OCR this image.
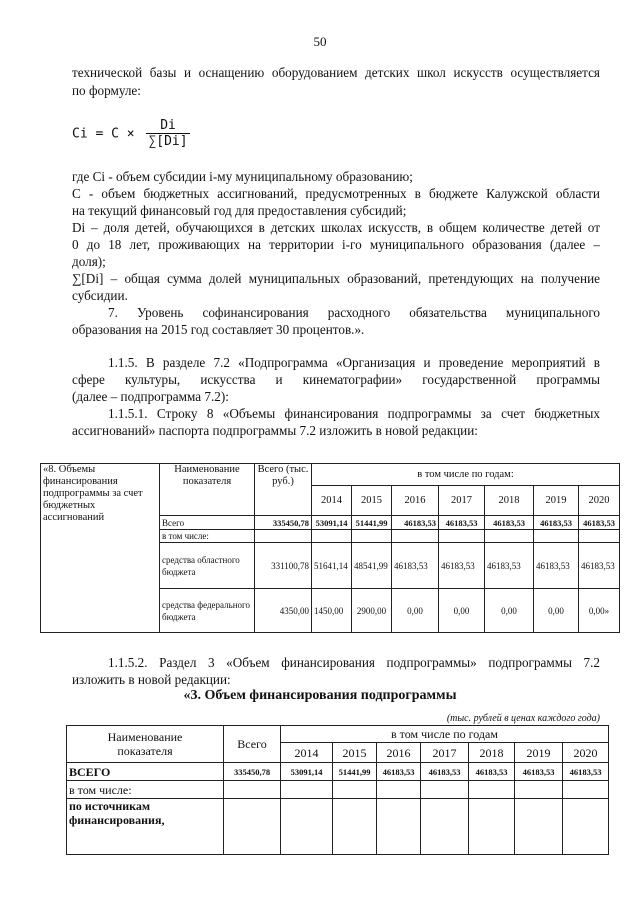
50
технической базы и оснащению оборудованием детских школ искусств осуществляется
по формуле:
$Ci = C \times \frac{Di}{\sum[Di]}$
где Ci - объем субсидии i-му муниципальному образованию;
С - объем бюджетных ассигнований, предусмотренных в бюджете Калужской области
на текущий финансовый год для предоставления субсидий;
Di – доля детей, обучающихся в детских школах искусств, в общем количестве детей от
0 до 18 лет, проживающих на территории i-го муниципального образования (далее –
доля);
∑[Di] – общая сумма долей муниципальных образований, претендующих на получение
субсидии.
7. Уровень софинансирования расходного обязательства муниципального
образования на 2015 год составляет 30 процентов.».
1.1.5. В разделе 7.2 «Подпрограмма «Организация и проведение мероприятий в
сфере культуры, искусства и кинематографии» государственной программы
(далее – подпрограмма 7.2):
1.1.5.1. Строку 8 «Объемы финансирования подпрограммы за счет бюджетных
ассигнований» паспорта подпрограммы 7.2 изложить в новой редакции:
«8. Объемы финансирования подпрограммы за счет бюджетных ассигнований	Наименование показателя	Всего (тыс. руб.)	в том числе по годам:						
			2014	2015	2016	2017	2018	2019	2020
	Всего	335450,78	53091,14	51441,99	46183,53	46183,53	46183,53	46183,53	46183,53
	в том числе:								
	средства областного бюджета	331100,78	51641,14	48541,99	46183,53	46183,53	46183,53	46183,53	46183,53
	средства федерального бюджета	4350,00	1450,00	2900,00	0,00	0,00	0,00	0,00	0,00»
1.1.5.2. Раздел 3 «Объем финансирования подпрограммы» подпрограммы 7.2
изложить в новой редакции:
«3. Объем финансирования подпрограммы
(тыс. рублей в ценах каждого года)
Наименование
показателя	Всего	в том числе по годам						
		2014	2015	2016	2017	2018	2019	2020
ВСЕГО	335450,78	53091,14	51441,99	46183,53	46183,53	46183,53	46183,53	46183,53
в том числе:								

по источникам
финансирования,								
